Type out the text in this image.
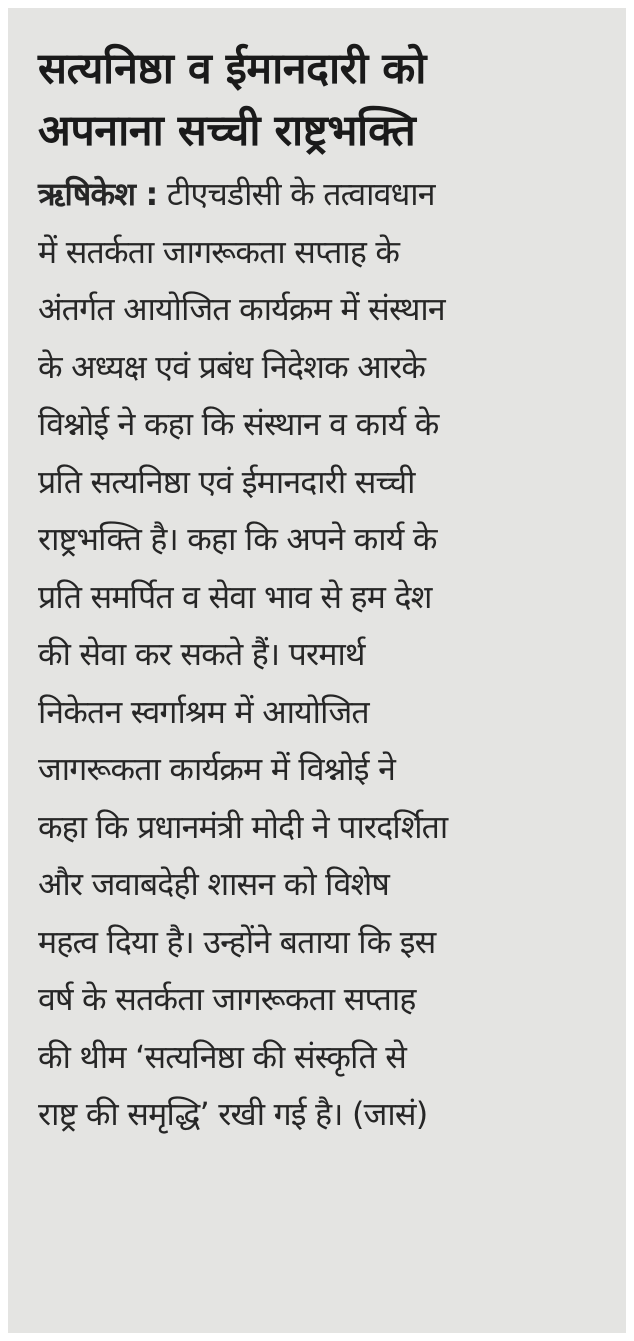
सत्यनिष्ठा व ईमानदारी को
अपनाना सच्ची राष्ट्रभक्ति
ऋषिकेश : टीएचडीसी के तत्वावधान
में सतर्कता जागरूकता सप्ताह के
अंतर्गत आयोजित कार्यक्रम में संस्थान
के अध्यक्ष एवं प्रबंध निदेशक आरके
विश्नोई ने कहा कि संस्थान व कार्य के
प्रति सत्यनिष्ठा एवं ईमानदारी सच्ची
राष्ट्रभक्ति है। कहा कि अपने कार्य के
प्रति समर्पित व सेवा भाव से हम देश
की सेवा कर सकते हैं। परमार्थ
निकेतन स्वर्गाश्रम में आयोजित
जागरूकता कार्यक्रम में विश्नोई ने
कहा कि प्रधानमंत्री मोदी ने पारदर्शिता
और जवाबदेही शासन को विशेष
महत्व दिया है। उन्होंने बताया कि इस
वर्ष के सतर्कता जागरूकता सप्ताह
की थीम ‘सत्यनिष्ठा की संस्कृति से
राष्ट्र की समृद्धि’ रखी गई है। (जासं)
